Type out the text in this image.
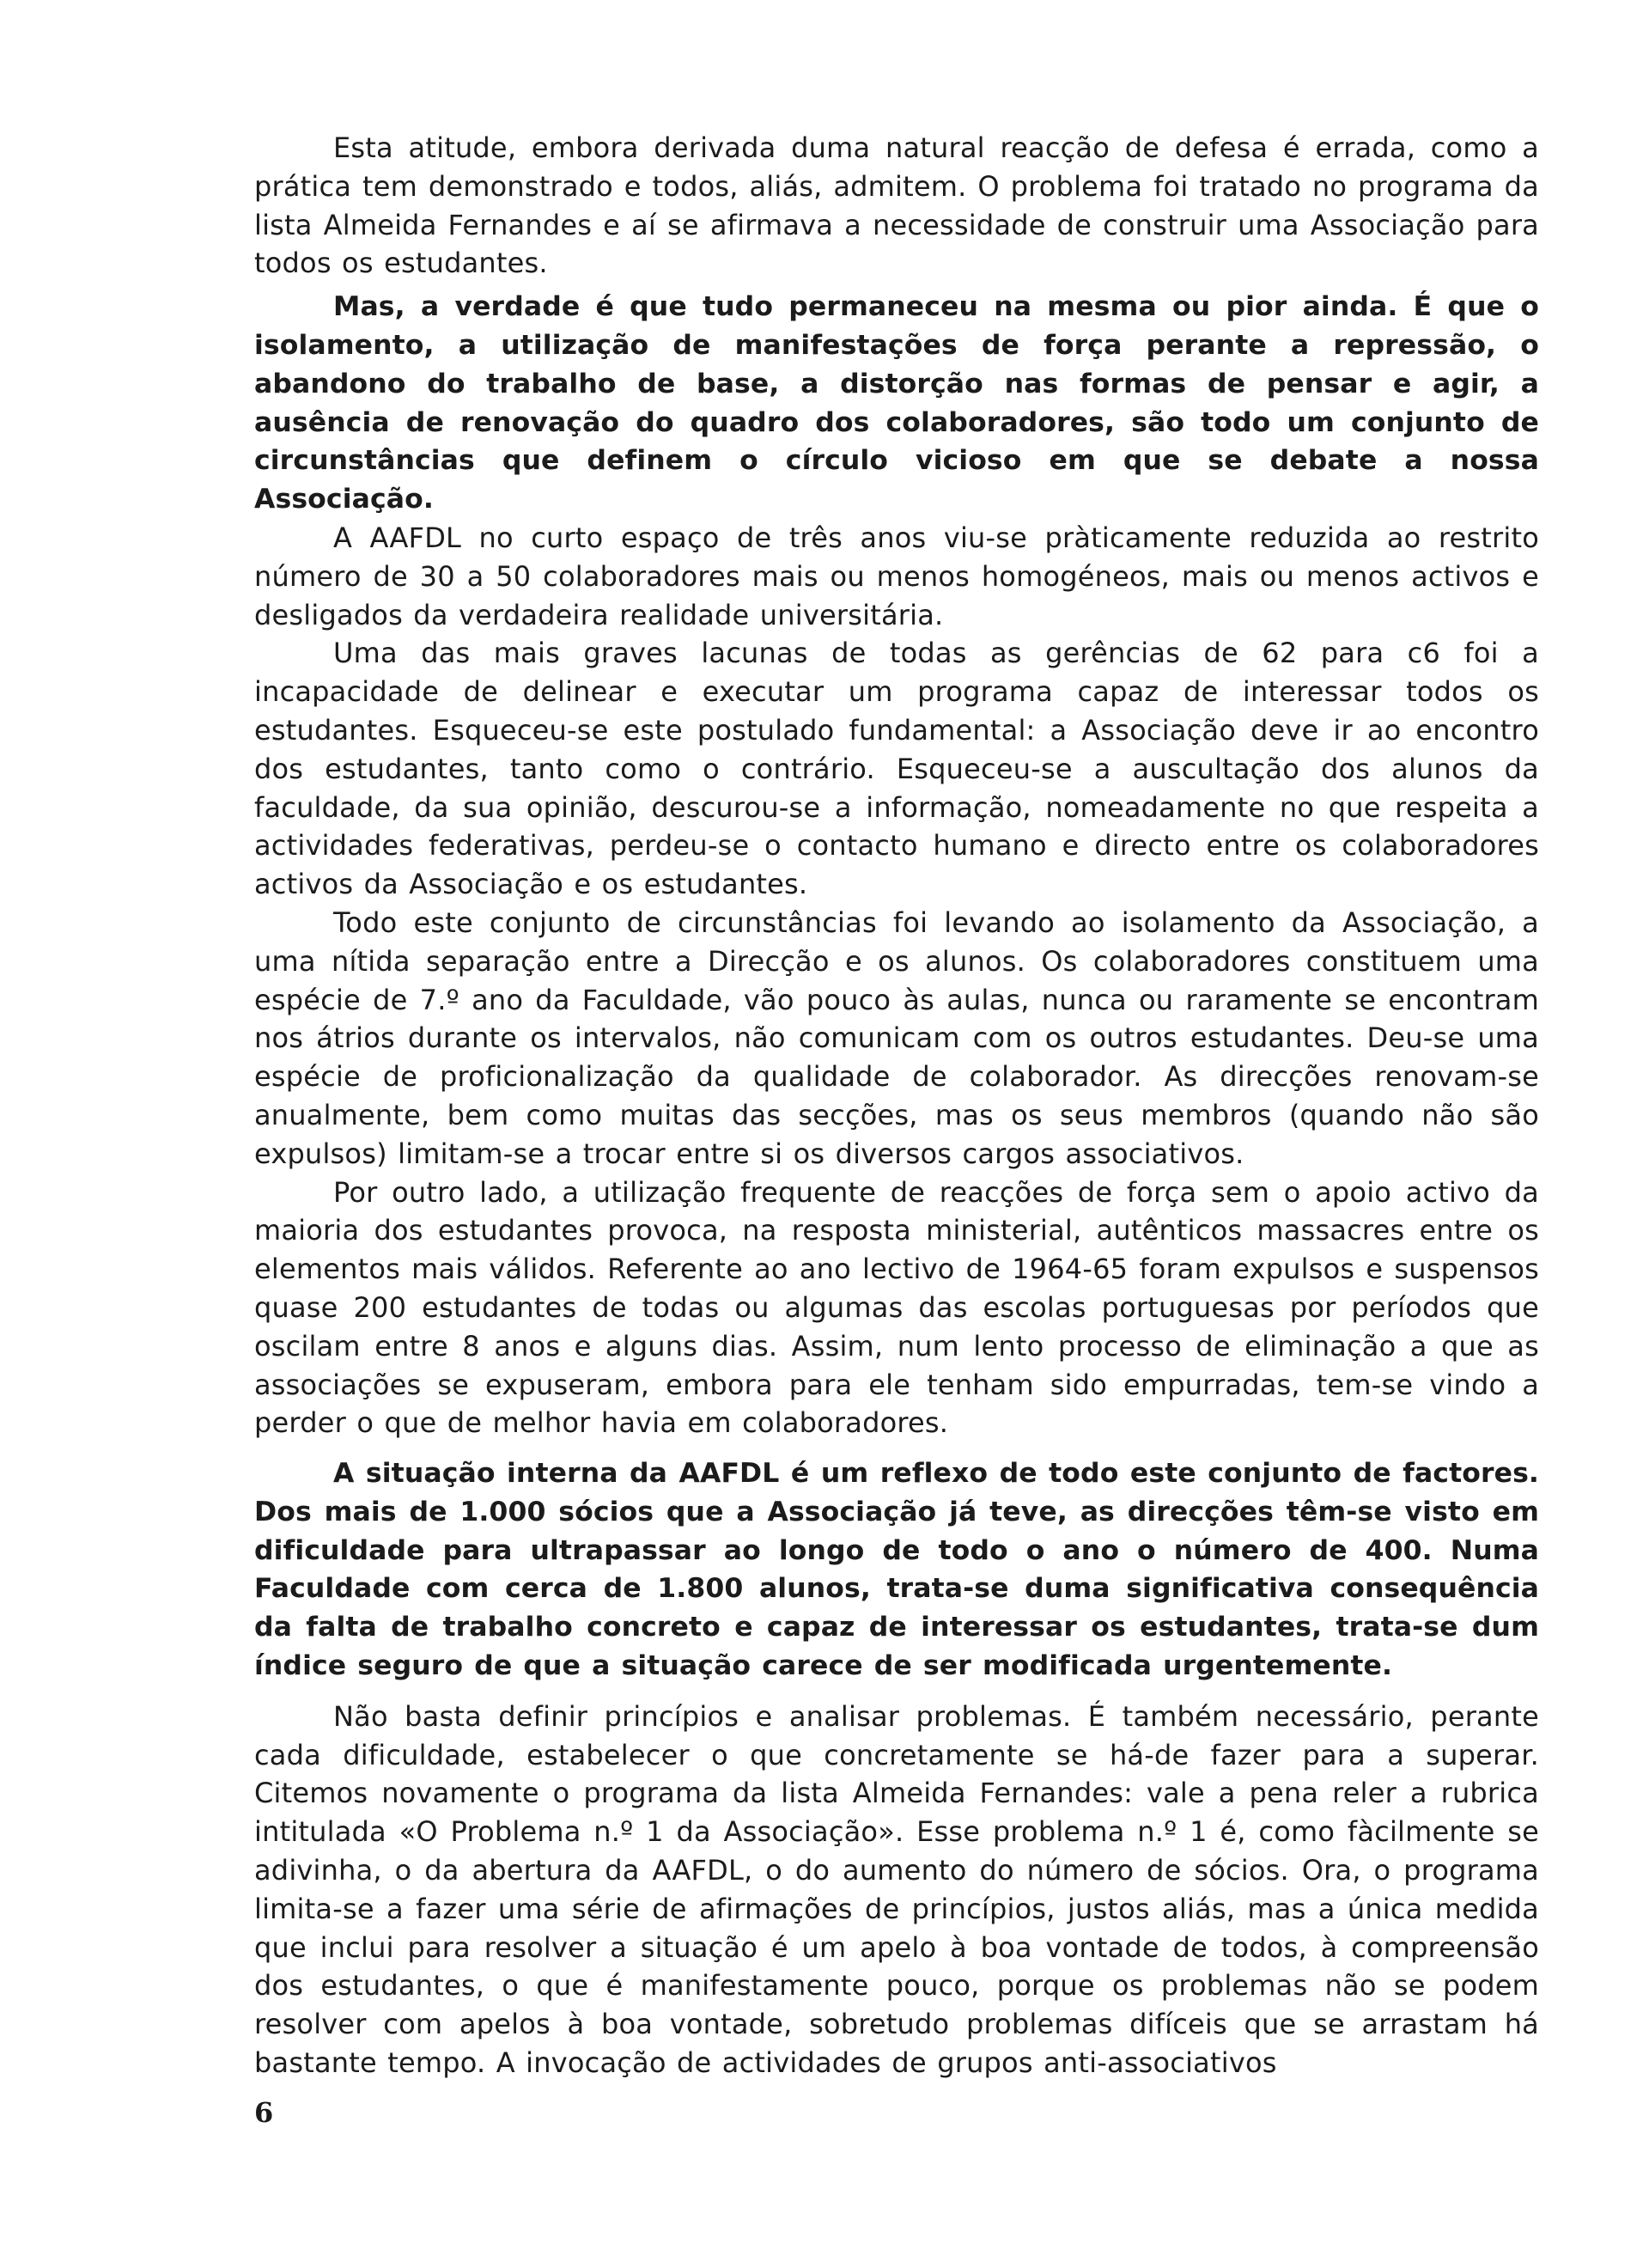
Esta atitude, embora derivada duma natural reacção de defesa é errada, como a prática tem demonstrado e todos, aliás, admitem. O problema foi tratado no programa da lista Almeida Fernandes e aí se afirmava a necessidade de construir uma Associação para todos os estudantes.

Mas, a verdade é que tudo permaneceu na mesma ou pior ainda. É que o isolamento, a utilização de manifestações de força perante a repressão, o abandono do trabalho de base, a distorção nas formas de pensar e agir, a ausência de renovação do quadro dos colaboradores, são todo um conjunto de circunstâncias que definem o círculo vicioso em que se debate a nossa Associação.

A AAFDL no curto espaço de três anos viu-se pràticamente reduzida ao restrito número de 30 a 50 colaboradores mais ou menos homogéneos, mais ou menos activos e desligados da verdadeira realidade universitária.

Uma das mais graves lacunas de todas as gerências de 62 para c6 foi a incapacidade de delinear e executar um programa capaz de interessar todos os estudantes. Esqueceu-se este postulado fundamental: a Associação deve ir ao encontro dos estudantes, tanto como o contrário. Esqueceu-se a auscultação dos alunos da faculdade, da sua opinião, descurou-se a informação, nomeadamente no que respeita a actividades federativas, perdeu-se o contacto humano e directo entre os colaboradores activos da Associação e os estudantes.

Todo este conjunto de circunstâncias foi levando ao isolamento da Associação, a uma nítida separação entre a Direcção e os alunos. Os colaboradores constituem uma espécie de 7.º ano da Faculdade, vão pouco às aulas, nunca ou raramente se encontram nos átrios durante os intervalos, não comunicam com os outros estudantes. Deu-se uma espécie de proficionalização da qualidade de colaborador. As direcções renovam-se anualmente, bem como muitas das secções, mas os seus membros (quando não são expulsos) limitam-se a trocar entre si os diversos cargos associativos.

Por outro lado, a utilização frequente de reacções de força sem o apoio activo da maioria dos estudantes provoca, na resposta ministerial, autênticos massacres entre os elementos mais válidos. Referente ao ano lectivo de 1964-65 foram expulsos e suspensos quase 200 estudantes de todas ou algumas das escolas portuguesas por períodos que oscilam entre 8 anos e alguns dias. Assim, num lento processo de eliminação a que as associações se expuseram, embora para ele tenham sido empurradas, tem-se vindo a perder o que de melhor havia em colaboradores.

A situação interna da AAFDL é um reflexo de todo este conjunto de factores. Dos mais de 1.000 sócios que a Associação já teve, as direcções têm-se visto em dificuldade para ultrapassar ao longo de todo o ano o número de 400. Numa Faculdade com cerca de 1.800 alunos, trata-se duma significativa consequência da falta de trabalho concreto e capaz de interessar os estudantes, trata-se dum índice seguro de que a situação carece de ser modificada urgentemente.

Não basta definir princípios e analisar problemas. É também necessário, perante cada dificuldade, estabelecer o que concretamente se há-de fazer para a superar. Citemos novamente o programa da lista Almeida Fernandes: vale a pena reler a rubrica intitulada «O Problema n.º 1 da Associação». Esse problema n.º 1 é, como fàcilmente se adivinha, o da abertura da AAFDL, o do aumento do número de sócios. Ora, o programa limita-se a fazer uma série de afirmações de princípios, justos aliás, mas a única medida que inclui para resolver a situação é um apelo à boa vontade de todos, à compreensão dos estudantes, o que é manifestamente pouco, porque os problemas não se podem resolver com apelos à boa vontade, sobretudo problemas difíceis que se arrastam há bastante tempo. A invocação de actividades de grupos anti-associativos

6
